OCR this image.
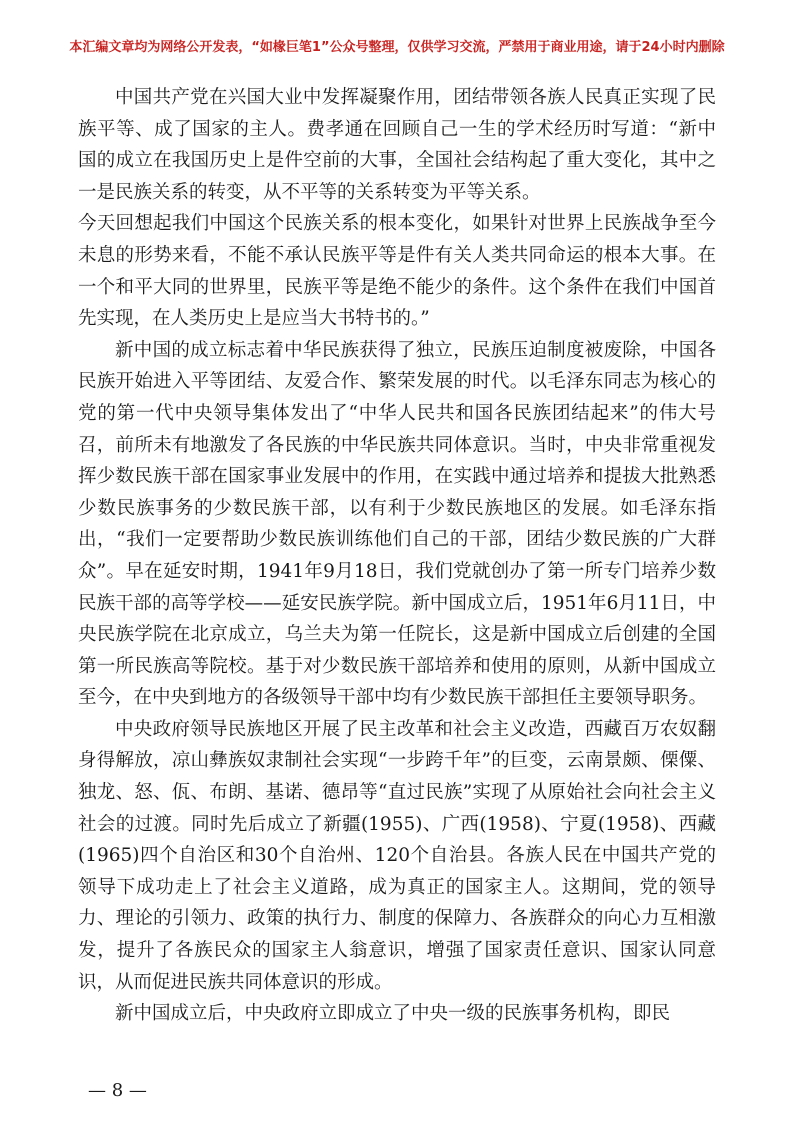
本汇编文章均为网络公开发表，“如椽巨笔1”公众号整理，仅供学习交流，严禁用于商业用途，请于24小时内删除

中国共产党在兴国大业中发挥凝聚作用，团结带领各族人民真正实现了民族平等、成了国家的主人。费孝通在回顾自己一生的学术经历时写道：“新中国的成立在我国历史上是件空前的大事，全国社会结构起了重大变化，其中之一是民族关系的转变，从不平等的关系转变为平等关系。

今天回想起我们中国这个民族关系的根本变化，如果针对世界上民族战争至今未息的形势来看，不能不承认民族平等是件有关人类共同命运的根本大事。在一个和平大同的世界里，民族平等是绝不能少的条件。这个条件在我们中国首先实现，在人类历史上是应当大书特书的。”

新中国的成立标志着中华民族获得了独立，民族压迫制度被废除，中国各民族开始进入平等团结、友爱合作、繁荣发展的时代。以毛泽东同志为核心的党的第一代中央领导集体发出了“中华人民共和国各民族团结起来”的伟大号召，前所未有地激发了各民族的中华民族共同体意识。当时，中央非常重视发挥少数民族干部在国家事业发展中的作用，在实践中通过培养和提拔大批熟悉少数民族事务的少数民族干部，以有利于少数民族地区的发展。如毛泽东指出，“我们一定要帮助少数民族训练他们自己的干部，团结少数民族的广大群众”。早在延安时期，1941年9月18日，我们党就创办了第一所专门培养少数民族干部的高等学校——延安民族学院。新中国成立后，1951年6月11日，中央民族学院在北京成立，乌兰夫为第一任院长，这是新中国成立后创建的全国第一所民族高等院校。基于对少数民族干部培养和使用的原则，从新中国成立至今，在中央到地方的各级领导干部中均有少数民族干部担任主要领导职务。

中央政府领导民族地区开展了民主改革和社会主义改造，西藏百万农奴翻身得解放，凉山彝族奴隶制社会实现“一步跨千年”的巨变，云南景颇、傈僳、独龙、怒、佤、布朗、基诺、德昂等“直过民族”实现了从原始社会向社会主义社会的过渡。同时先后成立了新疆(1955)、广西(1958)、宁夏(1958)、西藏(1965)四个自治区和30个自治州、120个自治县。各族人民在中国共产党的领导下成功走上了社会主义道路，成为真正的国家主人。这期间，党的领导力、理论的引领力、政策的执行力、制度的保障力、各族群众的向心力互相激发，提升了各族民众的国家主人翁意识，增强了国家责任意识、国家认同意识，从而促进民族共同体意识的形成。

新中国成立后，中央政府立即成立了中央一级的民族事务机构，即民

— 8 —
